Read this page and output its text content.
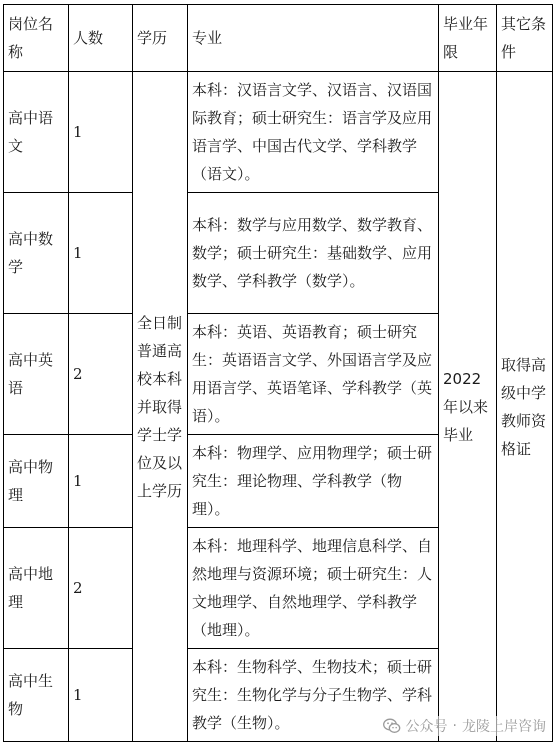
岗位名称	人数	学历	专业	毕业年限	其它条件
高中语文	1	全日制普通高校本科并取得学士学位及以上学历	本科：汉语言文学、汉语言、汉语国际教育；硕士研究生：语言学及应用语言学、中国古代文学、学科教学（语文）。	2022年以来毕业	取得高级中学教师资格证
高中数学	1		本科：数学与应用数学、数学教育、数学；硕士研究生：基础数学、应用数学、学科教学（数学）。		
高中英语	2		本科：英语、英语教育；硕士研究生：英语语言文学、外国语言学及应用语言学、英语笔译、学科教学（英语）。		
高中物理	1		本科：物理学、应用物理学；硕士研究生：理论物理、学科教学（物理）。		
高中地理	2		本科：地理科学、地理信息科学、自然地理与资源环境；硕士研究生：人文地理学、自然地理学、学科教学（地理）。		
高中生物	1		本科：生物科学、生物技术；硕士研究生：生物化学与分子生物学、学科教学（生物）。			公众号 · 龙陵上岸咨询
